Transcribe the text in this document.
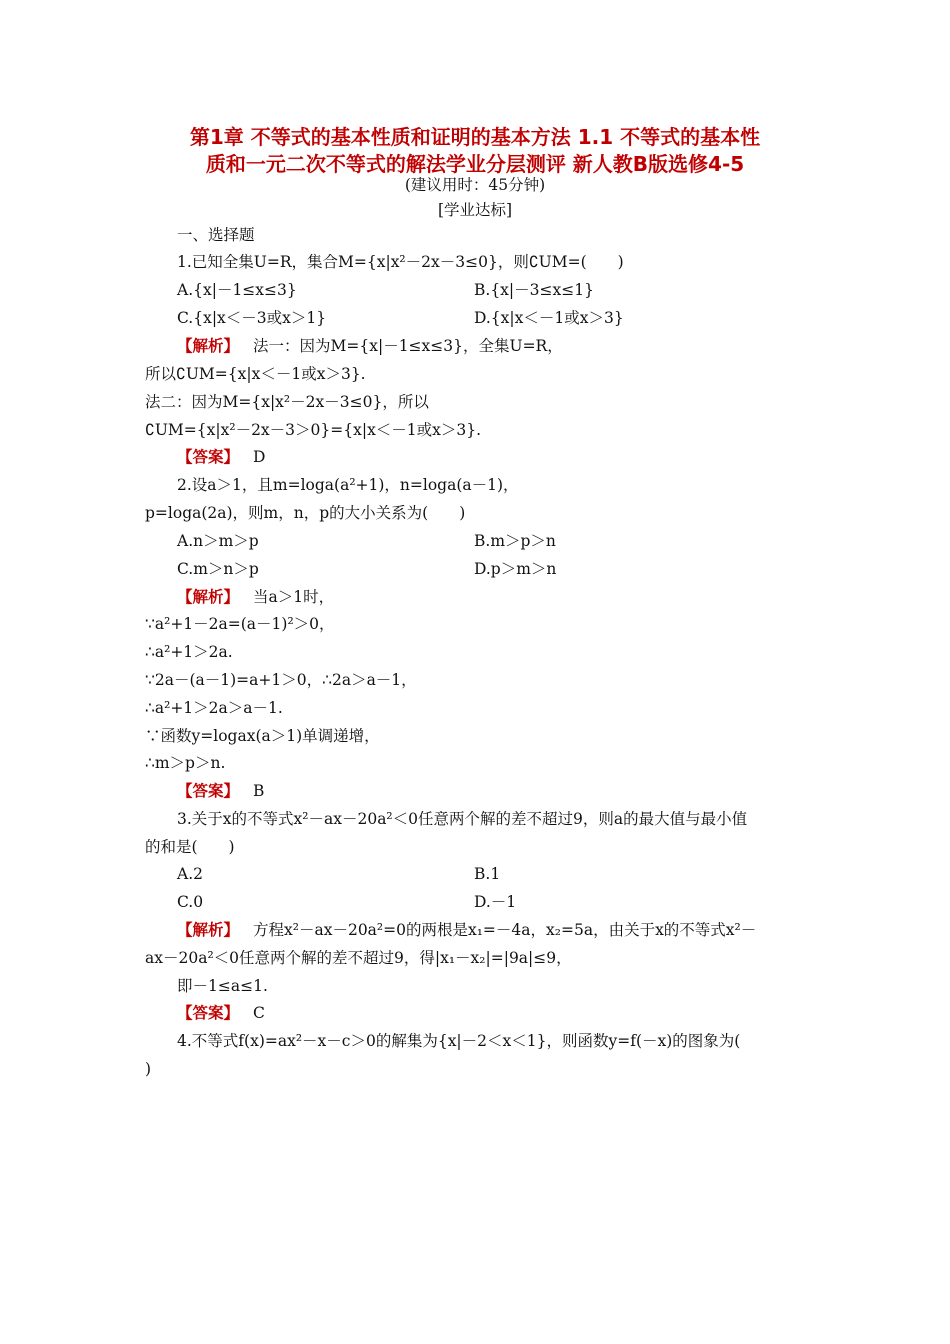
第1章 不等式的基本性质和证明的基本方法 1.1 不等式的基本性
质和一元二次不等式的解法学业分层测评 新人教B版选修4-5
(建议用时：45分钟)
[学业达标]
一、选择题
1.已知全集U=R，集合M={x|x²－2x－3≤0}，则∁UM=(　　)
A.{x|－1≤x≤3}	B.{x|－3≤x≤1}
C.{x|x＜－3或x＞1}	D.{x|x＜－1或x＞3}
【解析】 法一：因为M={x|－1≤x≤3}，全集U=R，
所以∁UM={x|x＜－1或x＞3}.
法二：因为M={x|x²－2x－3≤0}，所以
∁UM={x|x²－2x－3＞0}={x|x＜－1或x＞3}.
【答案】 D
2.设a＞1，且m=loga(a²+1)，n=loga(a－1)，
p=loga(2a)，则m，n，p的大小关系为(　　)
A.n＞m＞p	B.m＞p＞n
C.m＞n＞p	D.p＞m＞n
【解析】 当a＞1时，
∵a²+1－2a=(a－1)²＞0，
∴a²+1＞2a.
∵2a－(a－1)=a+1＞0，∴2a＞a－1，
∴a²+1＞2a＞a－1.
∵函数y=logax(a＞1)单调递增，
∴m＞p＞n.
【答案】 B
3.关于x的不等式x²－ax－20a²＜0任意两个解的差不超过9，则a的最大值与最小值
的和是(　　)
A.2	B.1
C.0	D.－1
【解析】 方程x²－ax－20a²=0的两根是x₁=－4a，x₂=5a，由关于x的不等式x²－
ax－20a²＜0任意两个解的差不超过9，得|x₁－x₂|=|9a|≤9，
即－1≤a≤1.
【答案】 C
4.不等式f(x)=ax²－x－c＞0的解集为{x|－2＜x＜1}，则函数y=f(－x)的图象为(
)
